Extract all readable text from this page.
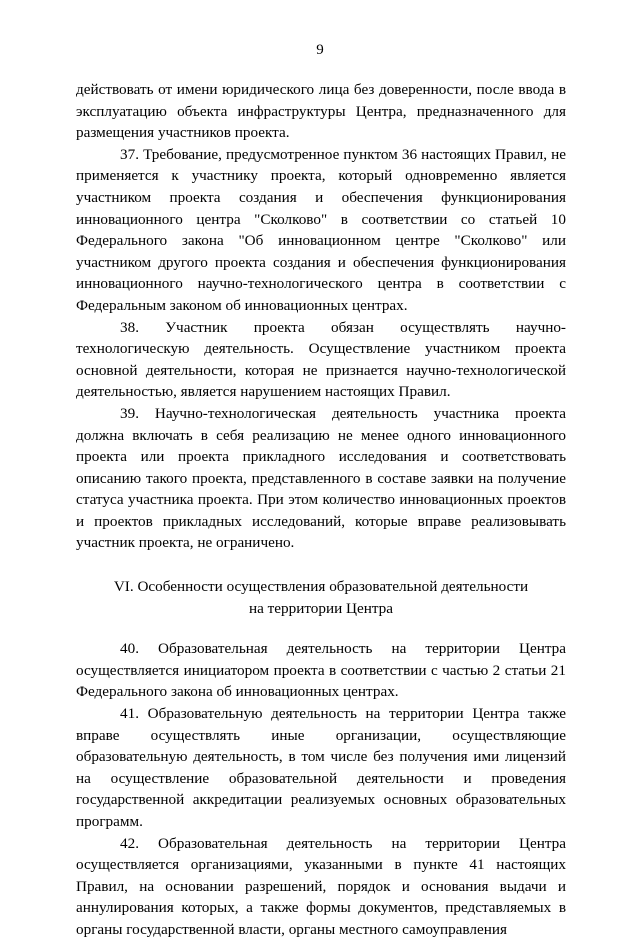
9

действовать от имени юридического лица без доверенности, после ввода в эксплуатацию объекта инфраструктуры Центра, предназначенного для размещения участников проекта.

37. Требование, предусмотренное пунктом 36 настоящих Правил, не применяется к участнику проекта, который одновременно является участником проекта создания и обеспечения функционирования инновационного центра "Сколково" в соответствии со статьей 10 Федерального закона "Об инновационном центре "Сколково" или участником другого проекта создания и обеспечения функционирования инновационного научно-технологического центра в соответствии с Федеральным законом об инновационных центрах.

38. Участник проекта обязан осуществлять научно-технологическую деятельность. Осуществление участником проекта основной деятельности, которая не признается научно-технологической деятельностью, является нарушением настоящих Правил.

39. Научно-технологическая деятельность участника проекта должна включать в себя реализацию не менее одного инновационного проекта или проекта прикладного исследования и соответствовать описанию такого проекта, представленного в составе заявки на получение статуса участника проекта. При этом количество инновационных проектов и проектов прикладных исследований, которые вправе реализовывать участник проекта, не ограничено.

VI. Особенности осуществления образовательной деятельности
на территории Центра

40. Образовательная деятельность на территории Центра осуществляется инициатором проекта в соответствии с частью 2 статьи 21 Федерального закона об инновационных центрах.

41. Образовательную деятельность на территории Центра также вправе осуществлять иные организации, осуществляющие образовательную деятельность, в том числе без получения ими лицензий на осуществление образовательной деятельности и проведения государственной аккредитации реализуемых основных образовательных программ.

42. Образовательная деятельность на территории Центра осуществляется организациями, указанными в пункте 41 настоящих Правил, на основании разрешений, порядок и основания выдачи и аннулирования которых, а также формы документов, представляемых в органы государственной власти, органы местного самоуправления
